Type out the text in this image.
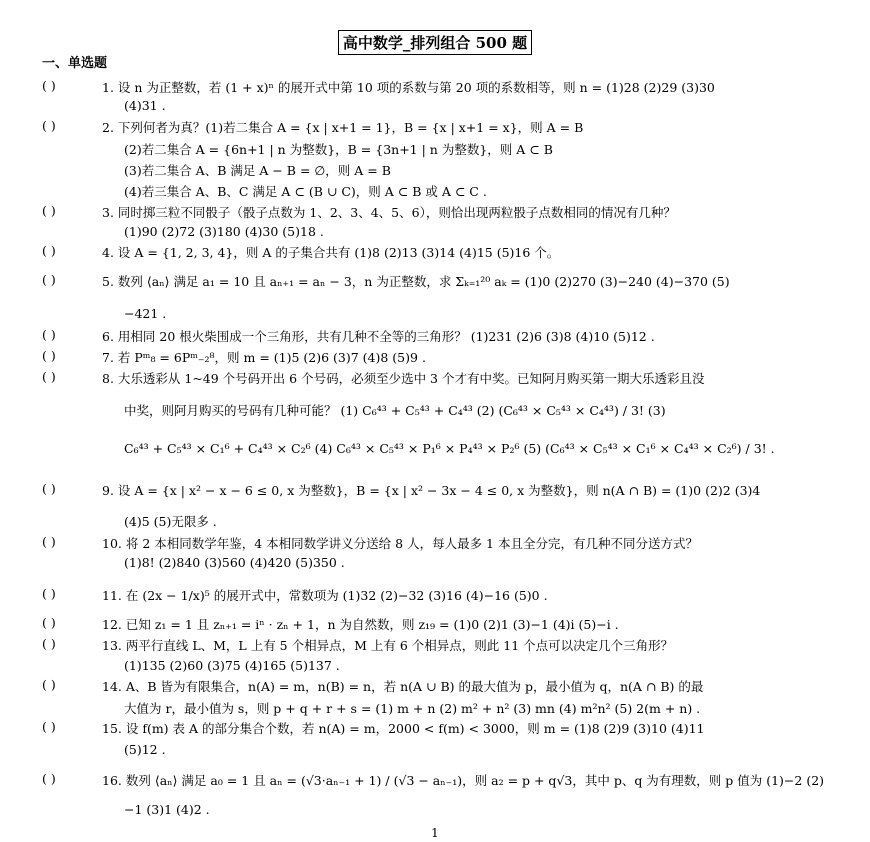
高中数学_排列组合 500 题
一、单选题
( )	1. 设 n 为正整数，若 (1 + x)ⁿ 的展开式中第 10 项的系数与第 20 项的系数相等，则 n = (1)28 (2)29 (3)30
(4)31 .
( )	2. 下列何者为真？(1)若二集合 A = {x | x+1 = 1}，B = {x | x+1 = x}，则 A = B
(2)若二集合 A = {6n+1 | n 为整数}，B = {3n+1 | n 为整数}，则 A ⊂ B
(3)若二集合 A、B 满足 A − B = ∅，则 A = B
(4)若三集合 A、B、C 满足 A ⊂ (B ∪ C)，则 A ⊂ B 或 A ⊂ C .
( )	3. 同时掷三粒不同骰子（骰子点数为 1、2、3、4、5、6），则恰出现两粒骰子点数相同的情况有几种？
(1)90 (2)72 (3)180 (4)30 (5)18 .
( )	4. 设 A = {1, 2, 3, 4}，则 A 的子集合共有 (1)8 (2)13 (3)14 (4)15 (5)16 个。
( )	5. 数列 ⟨aₙ⟩ 满足 a₁ = 10 且 aₙ₊₁ = aₙ − 3，n 为正整数，求 Σₖ₌₁²⁰ aₖ = (1)0 (2)270 (3)−240 (4)−370 (5)
−421 .
( )	6. 用相同 20 根火柴围成一个三角形，共有几种不全等的三角形？ (1)231 (2)6 (3)8 (4)10 (5)12 .
( )	7. 若 Pᵐ₈ = 6Pᵐ₋₂⁸，则 m = (1)5 (2)6 (3)7 (4)8 (5)9 .
( )	8. 大乐透彩从 1~49 个号码开出 6 个号码，必须至少选中 3 个才有中奖。已知阿月购买第一期大乐透彩且没
中奖，则阿月购买的号码有几种可能？ (1) C₆⁴³ + C₅⁴³ + C₄⁴³ (2) (C₆⁴³ × C₅⁴³ × C₄⁴³) / 3! (3)
C₆⁴³ + C₅⁴³ × C₁⁶ + C₄⁴³ × C₂⁶ (4) C₆⁴³ × C₅⁴³ × P₁⁶ × P₄⁴³ × P₂⁶ (5) (C₆⁴³ × C₅⁴³ × C₁⁶ × C₄⁴³ × C₂⁶) / 3! .
( )	9. 设 A = {x | x² − x − 6 ≤ 0, x 为整数}，B = {x | x² − 3x − 4 ≤ 0, x 为整数}，则 n(A ∩ B) = (1)0 (2)2 (3)4
(4)5 (5)无限多 .
( )	10. 将 2 本相同数学年鉴，4 本相同数学讲义分送给 8 人，每人最多 1 本且全分完，有几种不同分送方式？
(1)8! (2)840 (3)560 (4)420 (5)350 .
( )	11. 在 (2x − 1/x)⁵ 的展开式中，常数项为 (1)32 (2)−32 (3)16 (4)−16 (5)0 .
( )	12. 已知 z₁ = 1 且 zₙ₊₁ = iⁿ · zₙ + 1，n 为自然数，则 z₁₉ = (1)0 (2)1 (3)−1 (4)i (5)−i .
( )	13. 两平行直线 L、M，L 上有 5 个相异点，M 上有 6 个相异点，则此 11 个点可以决定几个三角形？
(1)135 (2)60 (3)75 (4)165 (5)137 .
( )	14. A、B 皆为有限集合，n(A) = m，n(B) = n，若 n(A ∪ B) 的最大值为 p，最小值为 q，n(A ∩ B) 的最
大值为 r，最小值为 s，则 p + q + r + s = (1) m + n (2) m² + n² (3) mn (4) m²n² (5) 2(m + n) .
( )	15. 设 f(m) 表 A 的部分集合个数，若 n(A) = m，2000 < f(m) < 3000，则 m = (1)8 (2)9 (3)10 (4)11
(5)12 .
( )	16. 数列 ⟨aₙ⟩ 满足 a₀ = 1 且 aₙ = (√3·aₙ₋₁ + 1) / (√3 − aₙ₋₁)，则 a₂ = p + q√3，其中 p、q 为有理数，则 p 值为 (1)−2 (2)
−1 (3)1 (4)2 .
1
